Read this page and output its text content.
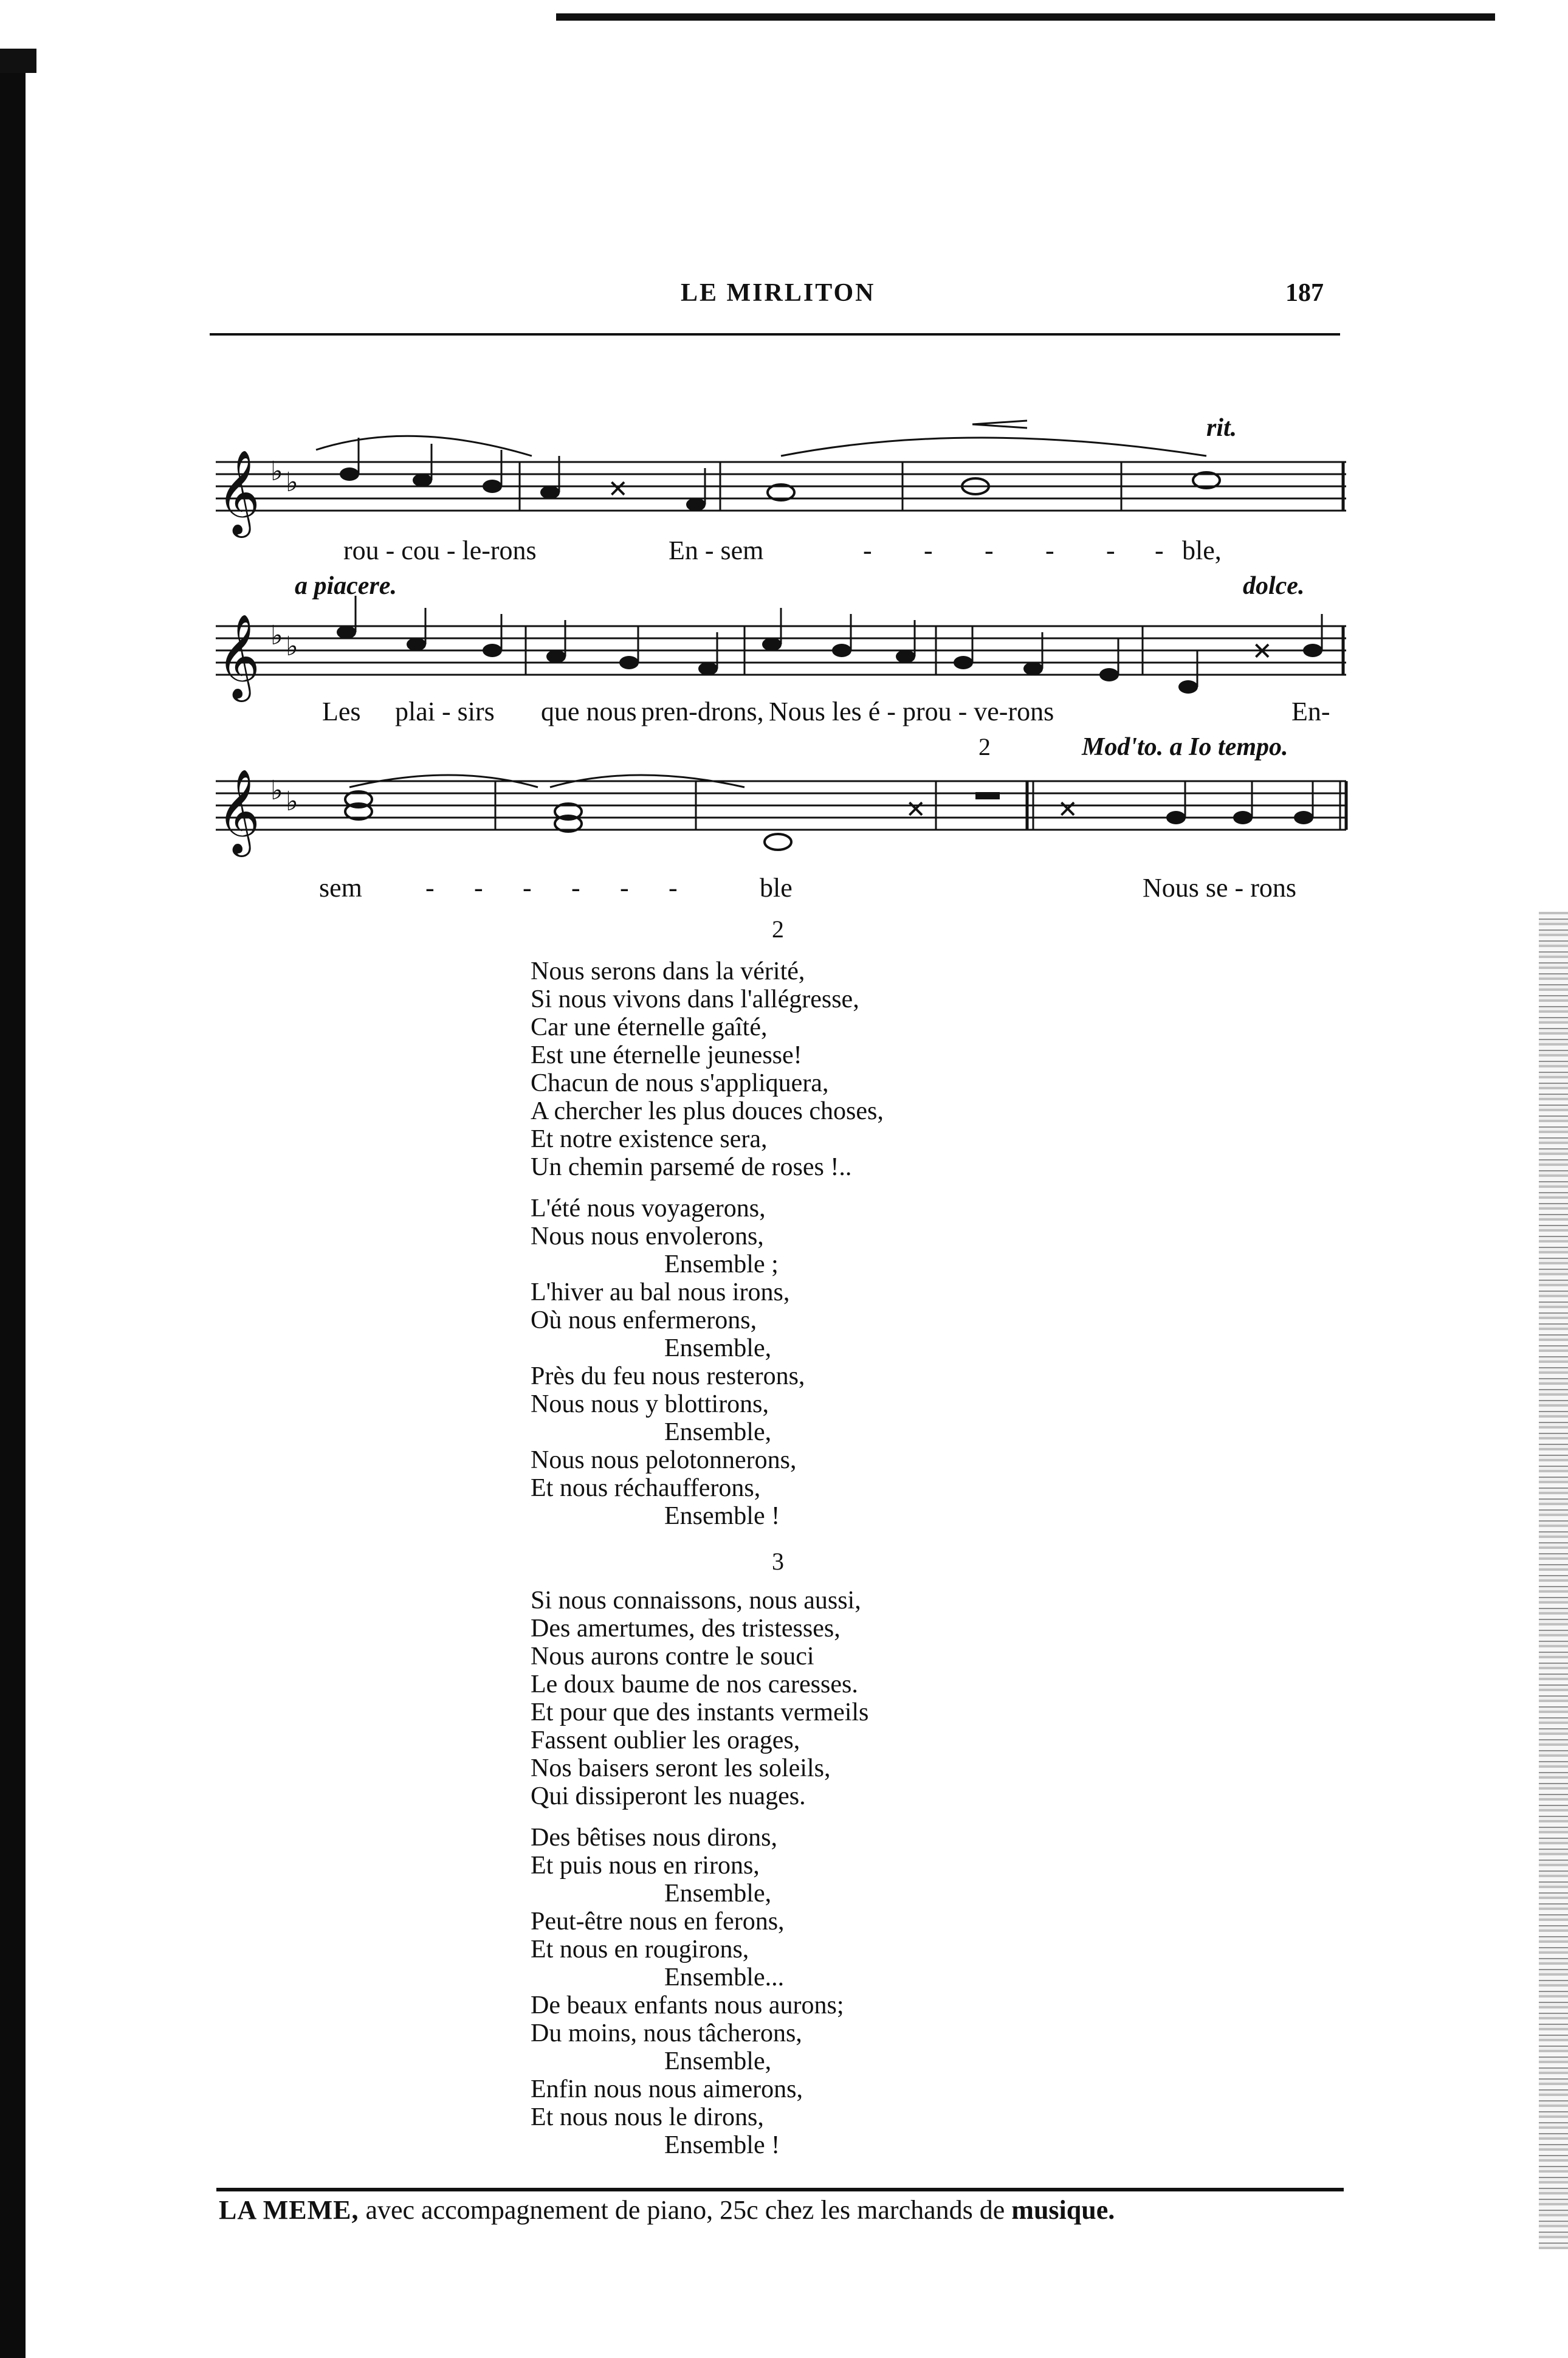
LE MIRLITON	187
𝄞 ♭ ♭	✕
rit.
rou - cou - le-rons	En - sem	- - - - - - ble,
a piacere.	dolce.
𝄞 ♭ ♭	✕
Les plai - sirs que nous pren-drons, Nous les é - prou - ve-rons	En-
2	Mod'to. a Io tempo.
𝄞 ♭ ♭	✕	✕
sem - - - - - -	ble	Nous se - rons
2
Nous serons dans la vérité,
Si nous vivons dans l'allégresse,
Car une éternelle gaîté,
Est une éternelle jeunesse!
Chacun de nous s'appliquera,
A chercher les plus douces choses,
Et notre existence sera,
Un chemin parsemé de roses !..
L'été nous voyagerons,
Nous nous envolerons,
Ensemble ;
L'hiver au bal nous irons,
Où nous enfermerons,
Ensemble,
Près du feu nous resterons,
Nous nous y blottirons,
Ensemble,
Nous nous pelotonnerons,
Et nous réchaufferons,
Ensemble !
3
Si nous connaissons, nous aussi,
Des amertumes, des tristesses,
Nous aurons contre le souci
Le doux baume de nos caresses.
Et pour que des instants vermeils
Fassent oublier les orages,
Nos baisers seront les soleils,
Qui dissiperont les nuages.
Des bêtises nous dirons,
Et puis nous en rirons,
Ensemble,
Peut-être nous en ferons,
Et nous en rougirons,
Ensemble...
De beaux enfants nous aurons;
Du moins, nous tâcherons,
Ensemble,
Enfin nous nous aimerons,
Et nous nous le dirons,
Ensemble !
LA MEME, avec accompagnement de piano, 25c chez les marchands de musique.
